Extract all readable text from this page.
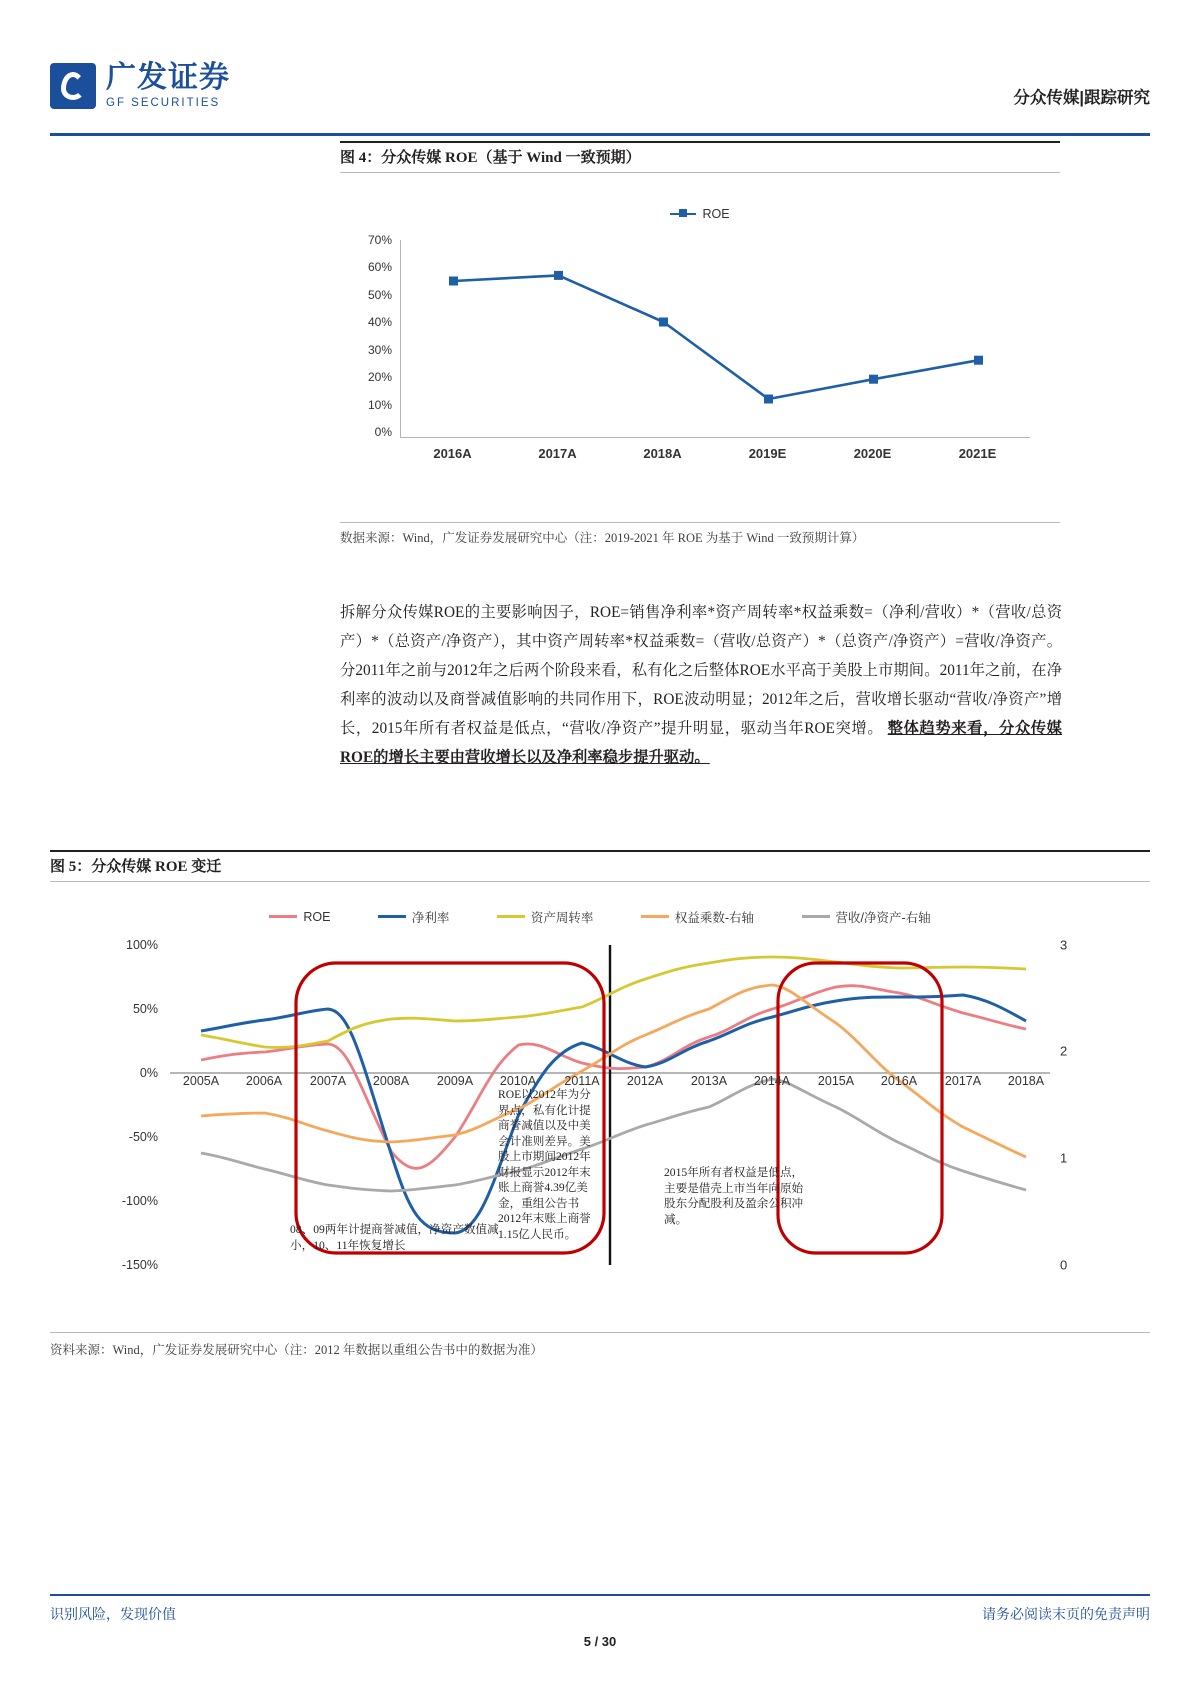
广发证券
GF SECURITIES	分众传媒|跟踪研究
图 4：分众传媒 ROE（基于 Wind 一致预期）
ROE
70%
60%
50%
40%
30%
20%
10%
0%
2016A	2017A	2018A	2019E	2020E	2021E
数据来源：Wind，广发证券发展研究中心（注：2019-2021 年 ROE 为基于 Wind 一致预期计算）
拆解分众传媒ROE的主要影响因子，ROE=销售净利率*资产周转率*权益乘数=（净利/营收）*（营收/总资产）*（总资产/净资产），其中资产周转率*权益乘数=（营收/总资产）*（总资产/净资产）=营收/净资产。分2011年之前与2012年之后两个阶段来看，私有化之后整体ROE水平高于美股上市期间。2011年之前，在净利率的波动以及商誉减值影响的共同作用下，ROE波动明显；2012年之后，营收增长驱动“营收/净资产”增长，2015年所有者权益是低点，“营收/净资产”提升明显，驱动当年ROE突增。 整体趋势来看，分众传媒ROE的增长主要由营收增长以及净利率稳步提升驱动。
图 5：分众传媒 ROE 变迁
ROE
	净利率
	资产周转率
	权益乘数-右轴
	营收/净资产-右轴
100%
50%
0%
-50%
-100%
-150%
3
2
1
0
2005A	2006A	2007A	2008A	2009A	2010A	2011A	2012A	2013A	2014A	2015A	2016A	2017A	2018A
08、09两年计提商誉减值，净资产数值减小，10、11年恢复增长
ROE以2012年为分界点，私有化计提商誉减值以及中美会计准则差异。美股上市期间2012年财报显示2012年末账上商誉4.39亿美金，重组公告书2012年末账上商誉1.15亿人民币。
2015年所有者权益是低点，主要是借壳上市当年向原始股东分配股利及盈余公积冲减。
资料来源：Wind，广发证券发展研究中心（注：2012 年数据以重组公告书中的数据为准）
识别风险，发现价值	请务必阅读末页的免责声明
5 / 30
